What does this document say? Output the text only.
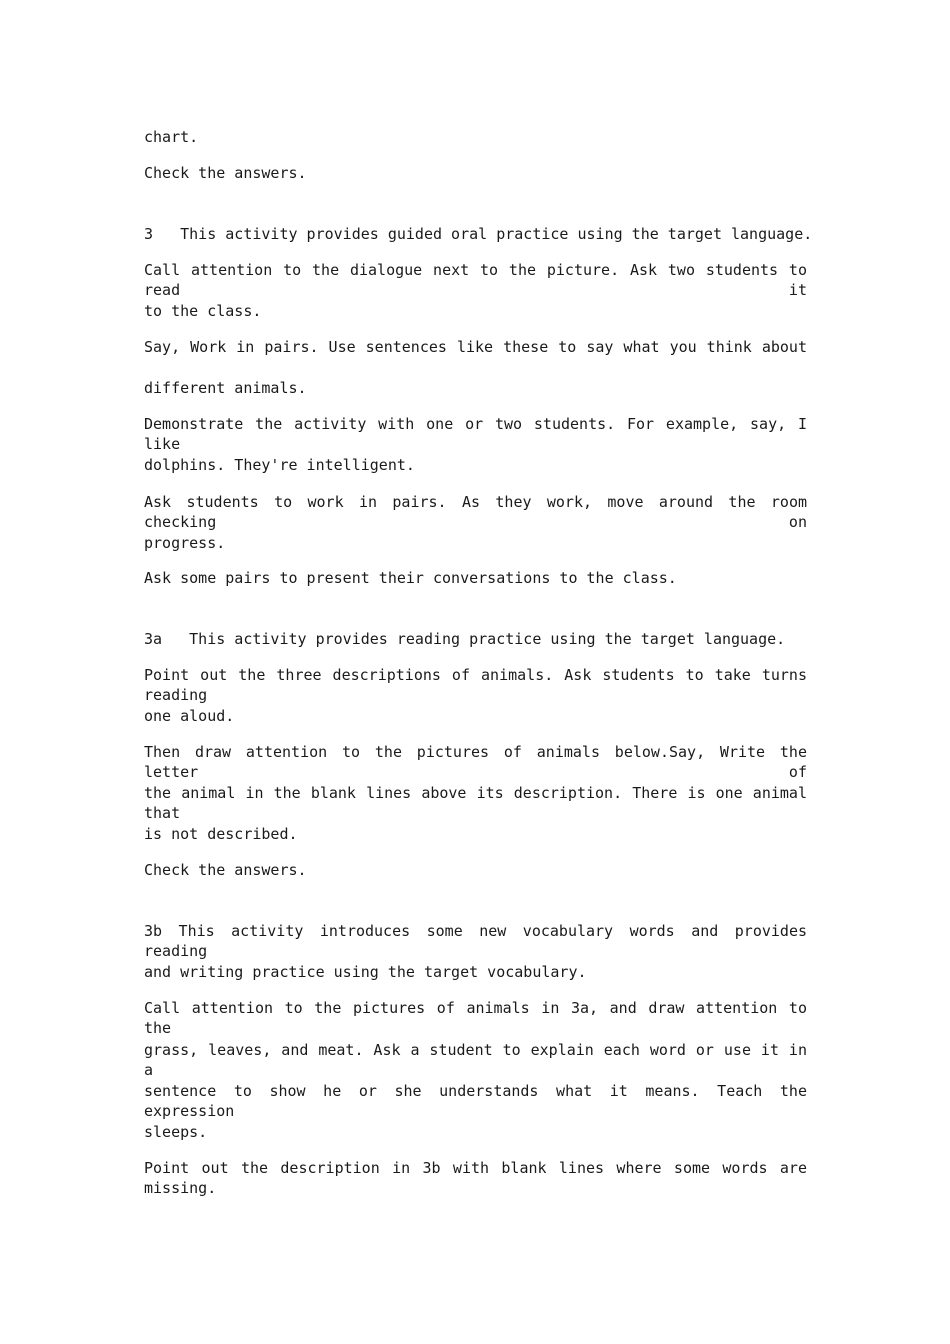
chart.
Check the answers.
3   This activity provides guided oral practice using the target language.
Call attention to the dialogue next to the picture. Ask two students to read it
to the class.
Say, Work in pairs. Use sentences like these to say what you think about
different animals.
Demonstrate the activity with one or two students. For example, say, I like
dolphins. They're intelligent.
Ask students to work in pairs. As they work, move around the room checking on
progress.
Ask some pairs to present their conversations to the class.
3a   This activity provides reading practice using the target language.
Point out the three descriptions of animals. Ask students to take turns reading
one aloud.
Then draw attention to the pictures of animals below.Say, Write the letter of
the animal in the blank lines above its description. There is one animal that
is not described.
Check the answers.
3b This activity introduces some new vocabulary words and provides reading
and writing practice using the target vocabulary.
Call attention to the pictures of animals in 3a, and draw attention to the
grass, leaves, and meat. Ask a student to explain each word or use it in a
sentence to show he or she understands what it means. Teach the expression
sleeps.
Point out the description in 3b with blank lines where some words are missing.
